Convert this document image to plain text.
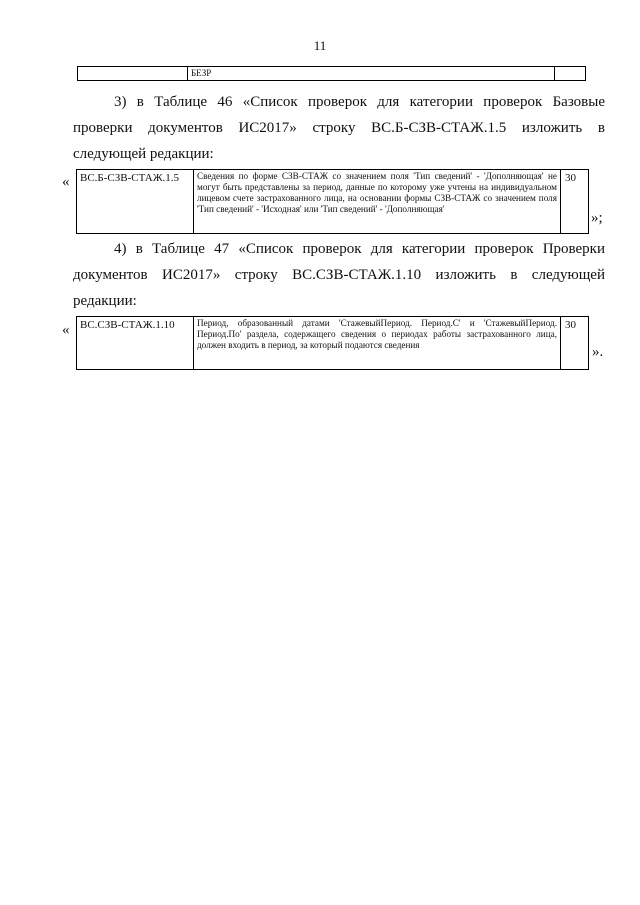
11
БЕЗР
3) в Таблице 46 «Список проверок для категории проверок Базовые
проверки документов ИС2017» строку ВС.Б-СЗВ-СТАЖ.1.5 изложить в
следующей редакции:
« ВС.Б-СЗВ-СТАЖ.1.5	Сведения по форме СЗВ-СТАЖ со значением поля 'Тип сведений' - 'Дополняющая' не могут быть представлены за период, данные по которому уже учтены на индивидуальном лицевом счете застрахованного лица, на основании формы СЗВ-СТАЖ со значением поля 'Тип сведений' - 'Исходная' или 'Тип сведений' - 'Дополняющая'
30
»;
4) в Таблице 47 «Список проверок для категории проверок Проверки
документов ИС2017» строку ВС.СЗВ-СТАЖ.1.10 изложить в следующей
редакции:
« ВС.СЗВ-СТАЖ.1.10	Период, образованный датами 'СтажевыйПериод. Период.С' и 'СтажевыйПериод. Период.По' раздела, содержащего сведения о периодах работы застрахованного лица, должен входить в период, за который подаются сведения
30
».
